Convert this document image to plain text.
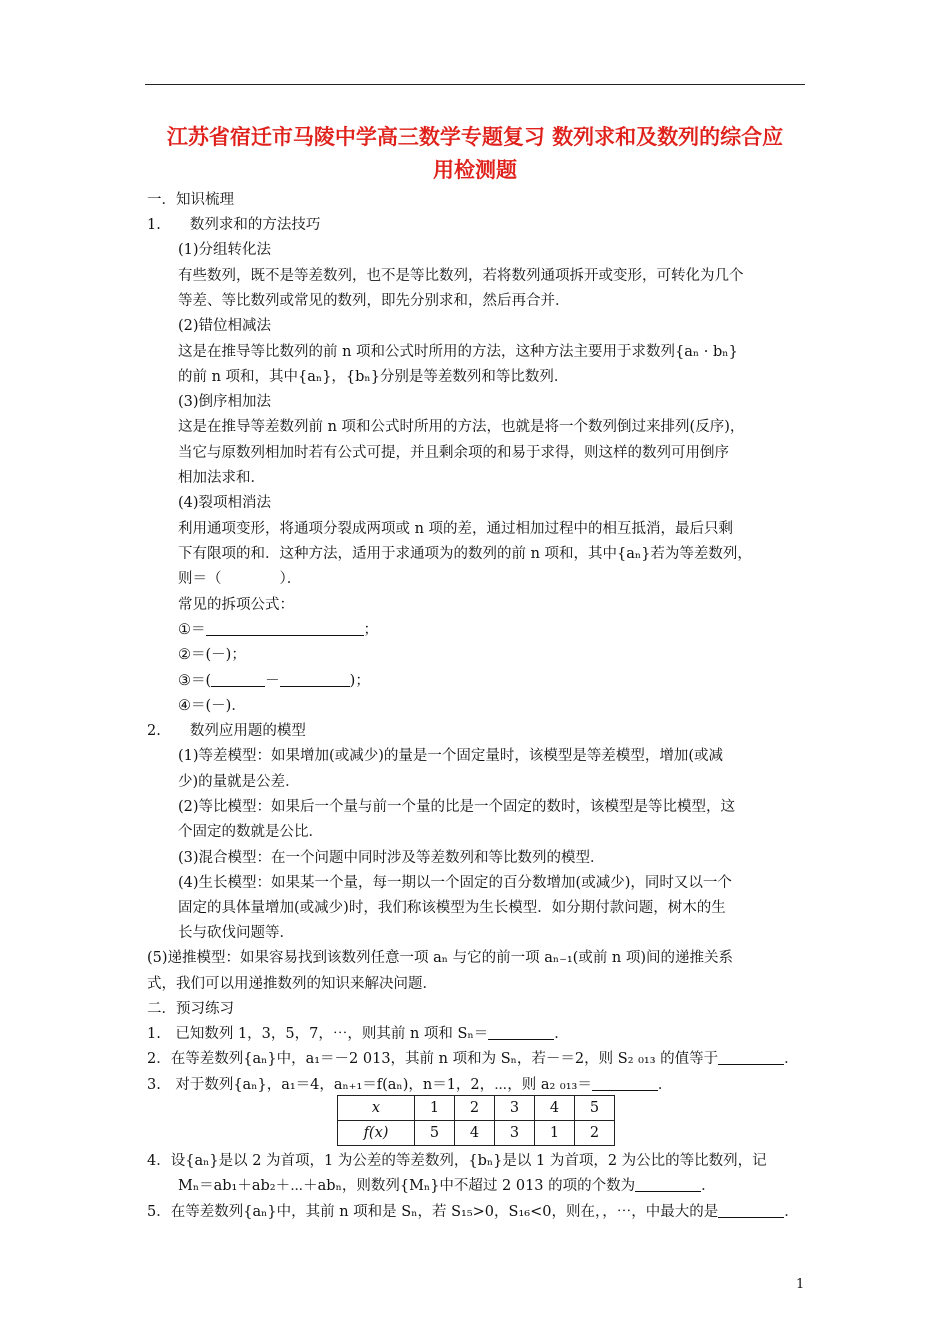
江苏省宿迁市马陵中学高三数学专题复习 数列求和及数列的综合应
用检测题
一．知识梳理
1.　　数列求和的方法技巧
(1)分组转化法
有些数列，既不是等差数列，也不是等比数列，若将数列通项拆开或变形，可转化为几个
等差、等比数列或常见的数列，即先分别求和，然后再合并．
(2)错位相减法
这是在推导等比数列的前 n 项和公式时所用的方法，这种方法主要用于求数列{aₙ · bₙ}
的前 n 项和，其中{aₙ}，{bₙ}分别是等差数列和等比数列．
(3)倒序相加法
这是在推导等差数列前 n 项和公式时所用的方法，也就是将一个数列倒过来排列(反序)，
当它与原数列相加时若有公式可提，并且剩余项的和易于求得，则这样的数列可用倒序
相加法求和．
(4)裂项相消法
利用通项变形，将通项分裂成两项或 n 项的差，通过相加过程中的相互抵消，最后只剩
下有限项的和．这种方法，适用于求通项为的数列的前 n 项和，其中{aₙ}若为等差数列，
则＝（　　　　）．
常见的拆项公式：
①＝	；
②＝(－)；
③＝(	－	)；
④＝(－)．
2.　　数列应用题的模型
(1)等差模型：如果增加(或减少)的量是一个固定量时，该模型是等差模型，增加(或减
少)的量就是公差．
(2)等比模型：如果后一个量与前一个量的比是一个固定的数时，该模型是等比模型，这
个固定的数就是公比．
(3)混合模型：在一个问题中同时涉及等差数列和等比数列的模型．
(4)生长模型：如果某一个量，每一期以一个固定的百分数增加(或减少)，同时又以一个
固定的具体量增加(或减少)时，我们称该模型为生长模型．如分期付款问题，树木的生
长与砍伐问题等．
(5)递推模型：如果容易找到该数列任意一项 aₙ 与它的前一项 aₙ₋₁(或前 n 项)间的递推关系
式，我们可以用递推数列的知识来解决问题．
二．预习练习
1.　已知数列 1，3，5，7，⋯，则其前 n 项和 Sₙ＝	．
2．在等差数列{aₙ}中，a₁＝－2 013，其前 n 项和为 Sₙ，若－＝2，则 S₂ ₀₁₃ 的值等于	．
3.　对于数列{aₙ}，a₁＝4，aₙ₊₁＝f(aₙ)，n＝1，2，⋯，则 a₂ ₀₁₃＝	．
x	1	2	3	4	5
f(x)	5	4	3	1	2
4．设{aₙ}是以 2 为首项，1 为公差的等差数列，{bₙ}是以 1 为首项，2 为公比的等比数列，记
Mₙ＝ab₁＋ab₂＋⋯＋abₙ，则数列{Mₙ}中不超过 2 013 的项的个数为	．
5．在等差数列{aₙ}中，其前 n 项和是 Sₙ，若 S₁₅>0，S₁₆<0，则在，，⋯，中最大的是	．
1
